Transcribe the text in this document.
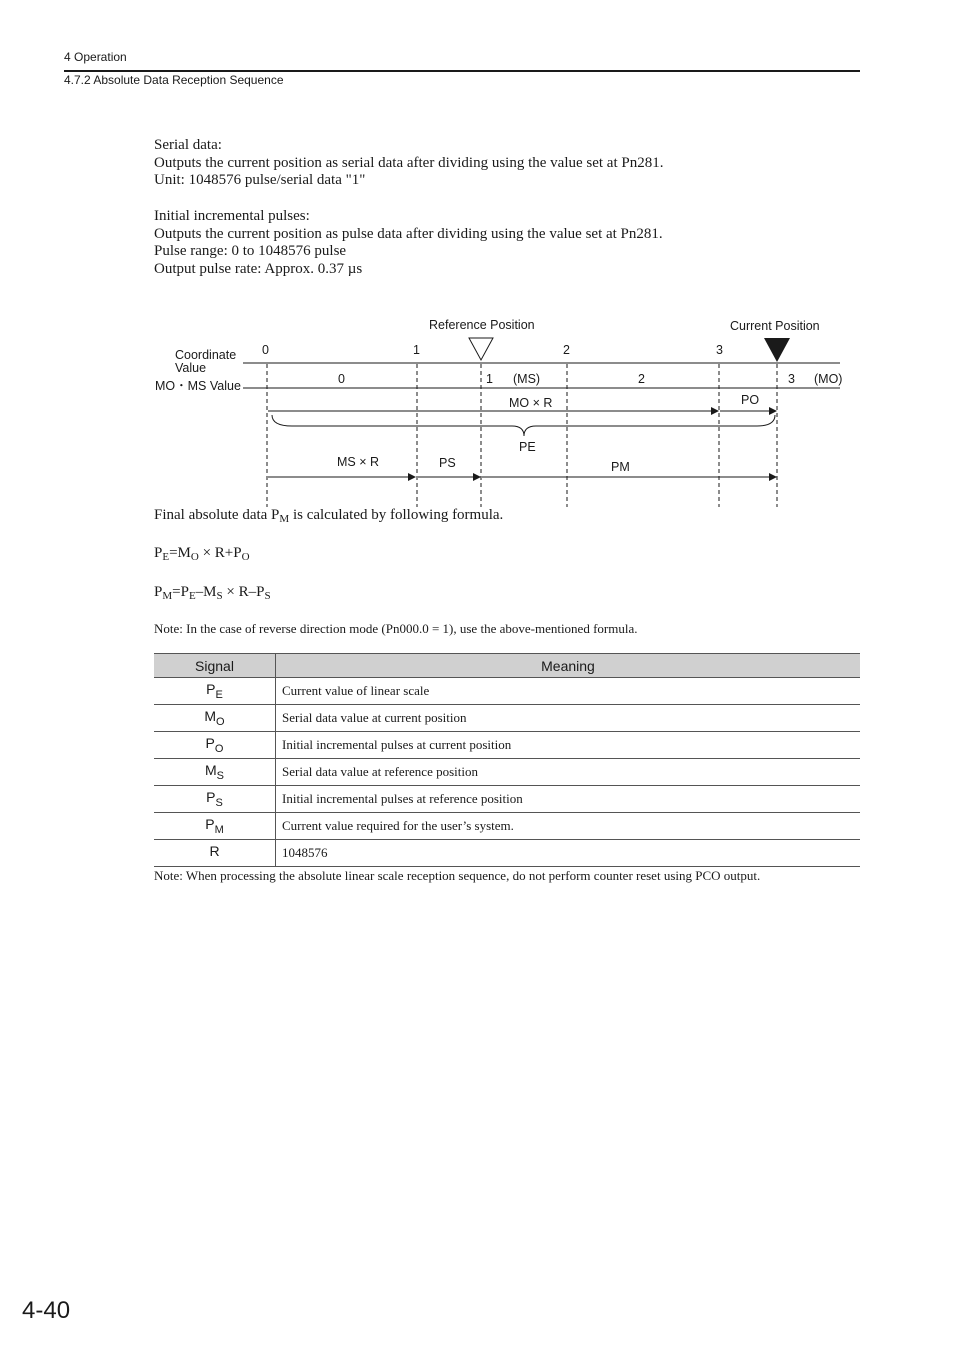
4 Operation
4.7.2 Absolute Data Reception Sequence
Serial data:
Outputs the current position as serial data after dividing using the value set at Pn281.
Unit: 1048576 pulse/serial data "1"
Initial incremental pulses:
Outputs the current position as pulse data after dividing using the value set at Pn281.
Pulse range: 0 to 1048576 pulse
Output pulse rate: Approx. 0.37 µs
Reference Position	Current Position
Coordinate
Value
MO・MS Value
0	1	2	3
0	1 (MS)	2	3 (MO)
MO × R	PO
PE
MS × R	PS	PM
Final absolute data $P_M$ is calculated by following formula.
$P_E=M_O \times R+P_O$
$P_M=P_E-M_S \times R-P_S$
Note: In the case of reverse direction mode (Pn000.0 = 1), use the above-mentioned formula.
Signal	Meaning
$P_E$	Current value of linear scale
$M_O$	Serial data value at current position
$P_O$	Initial incremental pulses at current position
$M_S$	Serial data value at reference position
$P_S$	Initial incremental pulses at reference position
$P_M$	Current value required for the user’s system.
R	1048576
Note: When processing the absolute linear scale reception sequence, do not perform counter reset using PCO output.
4-40
